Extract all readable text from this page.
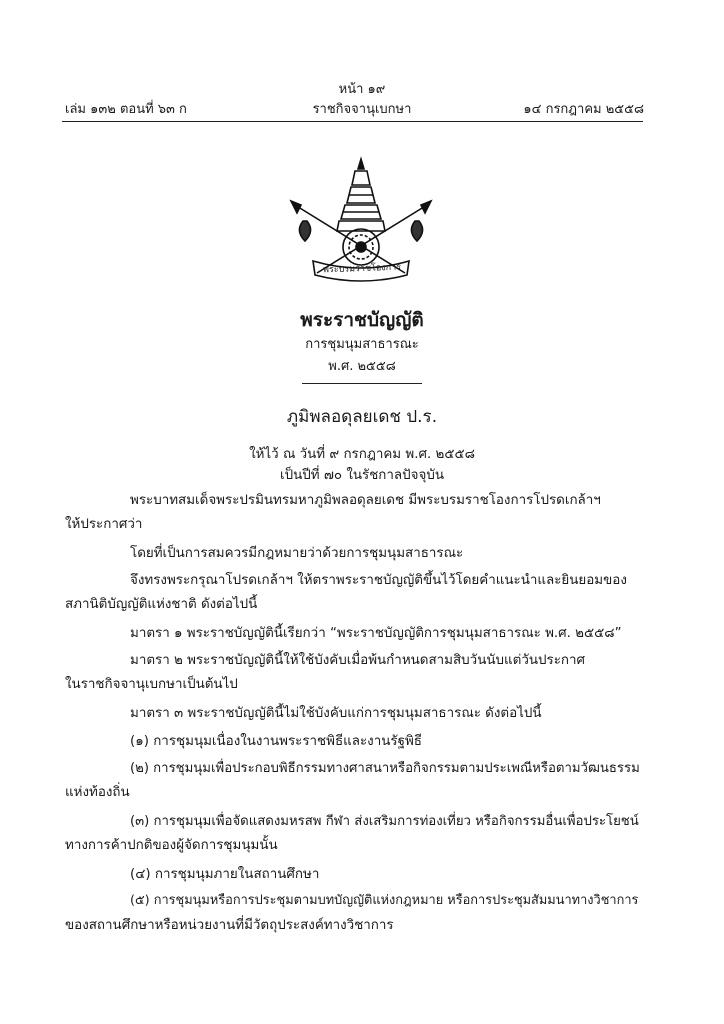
หน้า ๑๙
เล่ม ๑๓๒ ตอนที่ ๖๓ ก	ราชกิจจานุเบกษา	๑๔ กรกฎาคม ๒๕๕๘
พระบรมราชโองการ
พระราชบัญญัติ
การชุมนุมสาธารณะ
พ.ศ. ๒๕๕๘
ภูมิพลอดุลยเดช ป.ร.
ให้ไว้ ณ วันที่ ๙ กรกฎาคม พ.ศ. ๒๕๕๘
เป็นปีที่ ๗๐ ในรัชกาลปัจจุบัน
พระบาทสมเด็จพระปรมินทรมหาภูมิพลอดุลยเดช มีพระบรมราชโองการโปรดเกล้าฯ
ให้ประกาศว่า
โดยที่เป็นการสมควรมีกฎหมายว่าด้วยการชุมนุมสาธารณะ
จึงทรงพระกรุณาโปรดเกล้าฯ ให้ตราพระราชบัญญัติขึ้นไว้โดยคำแนะนำและยินยอมของ
สภานิติบัญญัติแห่งชาติ ดังต่อไปนี้
มาตรา ๑ พระราชบัญญัตินี้เรียกว่า “พระราชบัญญัติการชุมนุมสาธารณะ พ.ศ. ๒๕๕๘”
มาตรา ๒ พระราชบัญญัตินี้ให้ใช้บังคับเมื่อพ้นกำหนดสามสิบวันนับแต่วันประกาศ
ในราชกิจจานุเบกษาเป็นต้นไป
มาตรา ๓ พระราชบัญญัตินี้ไม่ใช้บังคับแก่การชุมนุมสาธารณะ ดังต่อไปนี้
(๑) การชุมนุมเนื่องในงานพระราชพิธีและงานรัฐพิธี
(๒) การชุมนุมเพื่อประกอบพิธีกรรมทางศาสนาหรือกิจกรรมตามประเพณีหรือตามวัฒนธรรม
แห่งท้องถิ่น
(๓) การชุมนุมเพื่อจัดแสดงมหรสพ กีฬา ส่งเสริมการท่องเที่ยว หรือกิจกรรมอื่นเพื่อประโยชน์
ทางการค้าปกติของผู้จัดการชุมนุมนั้น
(๔) การชุมนุมภายในสถานศึกษา
(๕) การชุมนุมหรือการประชุมตามบทบัญญัติแห่งกฎหมาย หรือการประชุมสัมมนาทางวิชาการ
ของสถานศึกษาหรือหน่วยงานที่มีวัตถุประสงค์ทางวิชาการ
